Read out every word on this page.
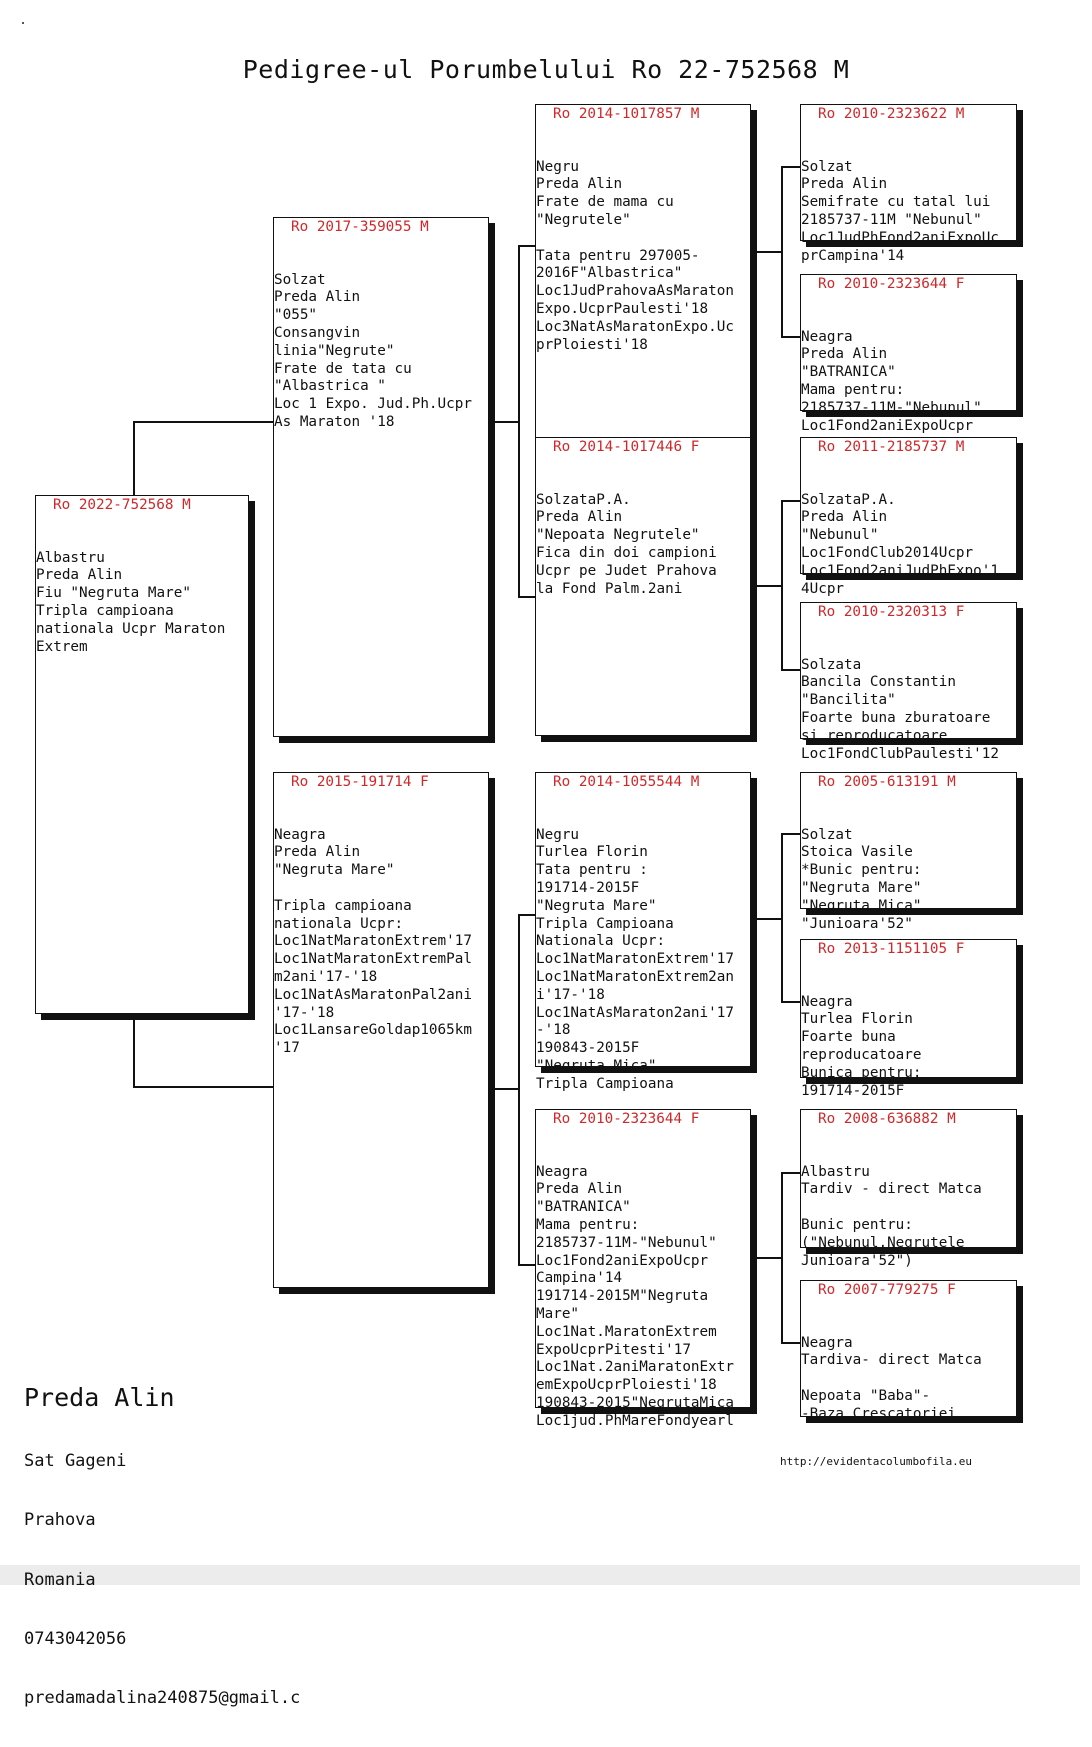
Pedigree-ul Porumbelului Ro 22-752568 M
Ro 2022-752568 M

Albastru
Preda Alin
Fiu "Negruta Mare"
Tripla campioana
nationala Ucpr Maraton
Extrem

Ro 2017-359055 M

Solzat
Preda Alin
"055"
Consangvin
linia"Negrute"
Frate de tata cu
"Albastrica "
Loc 1 Expo. Jud.Ph.Ucpr
As Maraton '18

Ro 2015-191714 F

Neagra
Preda Alin
"Negruta Mare"
Tripla campioana
nationala Ucpr:
Loc1NatMaratonExtrem'17
Loc1NatMaratonExtremPal
m2ani'17-'18
Loc1NatAsMaratonPal2ani
'17-'18
Loc1LansareGoldap1065km
'17

Ro 2014-1017857 M

Negru
Preda Alin
Frate de mama cu
"Negrutele"
Tata pentru 297005-
2016F"Albastrica"
Loc1JudPrahovaAsMaraton
Expo.UcprPaulesti'18
Loc3NatAsMaratonExpo.Uc
prPloiesti'18

Ro 2014-1017446 F

SolzataP.A.
Preda Alin
"Nepoata Negrutele"
Fica din doi campioni
Ucpr pe Judet Prahova
la Fond Palm.2ani

Ro 2014-1055544 M

Negru
Turlea Florin
Tata pentru :
191714-2015F
"Negruta Mare"
Tripla Campioana
Nationala Ucpr:
Loc1NatMaratonExtrem'17
Loc1NatMaratonExtrem2an
i'17-'18
Loc1NatAsMaraton2ani'17
-'18
190843-2015F
"Negruta Mica"
Tripla Campioana

Ro 2010-2323644 F

Neagra
Preda Alin
"BATRANICA"
Mama pentru:
2185737-11M-"Nebunul"
Loc1Fond2aniExpoUcpr
Campina'14
191714-2015M"Negruta
Mare"
Loc1Nat.MaratonExtrem
ExpoUcprPitesti'17
Loc1Nat.2aniMaratonExtr
emExpoUcprPloiesti'18
190843-2015"NegrutaMica
Loc1jud.PhMareFondyearl

Ro 2010-2323622 M

Solzat
Preda Alin
Semifrate cu tatal lui
2185737-11M "Nebunul"
Loc1JudPhFond2aniExpoUc
prCampina'14

Ro 2010-2323644 F

Neagra
Preda Alin
"BATRANICA"
Mama pentru:
2185737-11M-"Nebunul"
Loc1Fond2aniExpoUcpr

Ro 2011-2185737 M

SolzataP.A.
Preda Alin
"Nebunul"
Loc1FondClub2014Ucpr
Loc1Fond2aniJudPhExpo'1
4Ucpr

Ro 2010-2320313 F

Solzata
Bancila Constantin
"Bancilita"
Foarte buna zburatoare
si reproducatoare
Loc1FondClubPaulesti'12

Ro 2005-613191 M

Solzat
Stoica Vasile
*Bunic pentru:
"Negruta Mare"
"Negruta Mica"
"Junioara'52"

Ro 2013-1151105 F

Neagra
Turlea Florin
Foarte buna
reproducatoare
Bunica pentru:
191714-2015F

Ro 2008-636882 M

Albastru
Tardiv - direct Matca
Bunic pentru:
("Nebunul,Negrutele
Junioara'52")

Ro 2007-779275 F

Neagra
Tardiva- direct Matca
Nepoata "Baba"-
-Baza Crescatoriei

Preda Alin

Sat Gageni

Prahova

Romania

0743042056

predamadalina240875@gmail.c

http://evidentacolumbofila.eu
